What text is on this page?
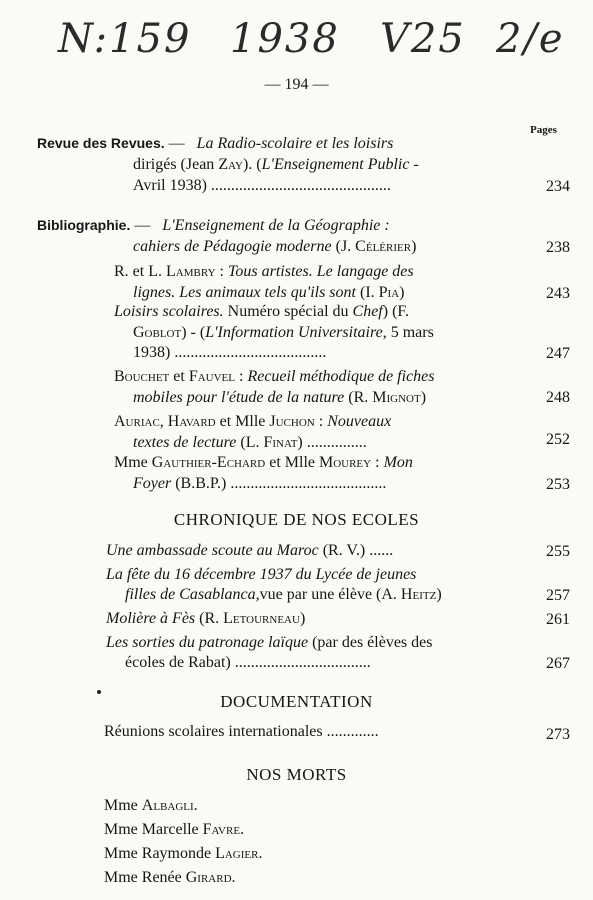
N:159 1938 V25 2/e
— 194 —
Pages
Revue des Revues. — La Radio-scolaire et les loisirs
dirigés (Jean Zay). (L'Enseignement Public -
Avril 1938) .............................................	234
Bibliographie. — L'Enseignement de la Géographie :
cahiers de Pédagogie moderne (J. Célérier)	238
R. et L. Lambry : Tous artistes. Le langage des
lignes. Les animaux tels qu'ils sont (I. Pia)	243
Loisirs scolaires. Numéro spécial du Chef) (F.
Goblot) - (L'Information Universitaire, 5 mars
1938) ......................................	247
Bouchet et Fauvel : Recueil méthodique de fiches
mobiles pour l'étude de la nature (R. Mignot)	248
Auriac, Havard et Mlle Juchon : Nouveaux
textes de lecture (L. Finat) ...............	252
Mme Gauthier-Echard et Mlle Mourey : Mon
Foyer (B.B.P.) .......................................	253
CHRONIQUE DE NOS ECOLES
Une ambassade scoute au Maroc (R. V.) ......	255
La fête du 16 décembre 1937 du Lycée de jeunes
filles de Casablanca,vue par une élève (A. Heitz)	257
Molière à Fès (R. Letourneau)	261
Les sorties du patronage laïque (par des élèves des
écoles de Rabat) ..................................	267
DOCUMENTATION
Réunions scolaires internationales .............	273
NOS MORTS
Mme Albagli.
Mme Marcelle Favre.
Mme Raymonde Lagier.
Mme Renée Girard.
